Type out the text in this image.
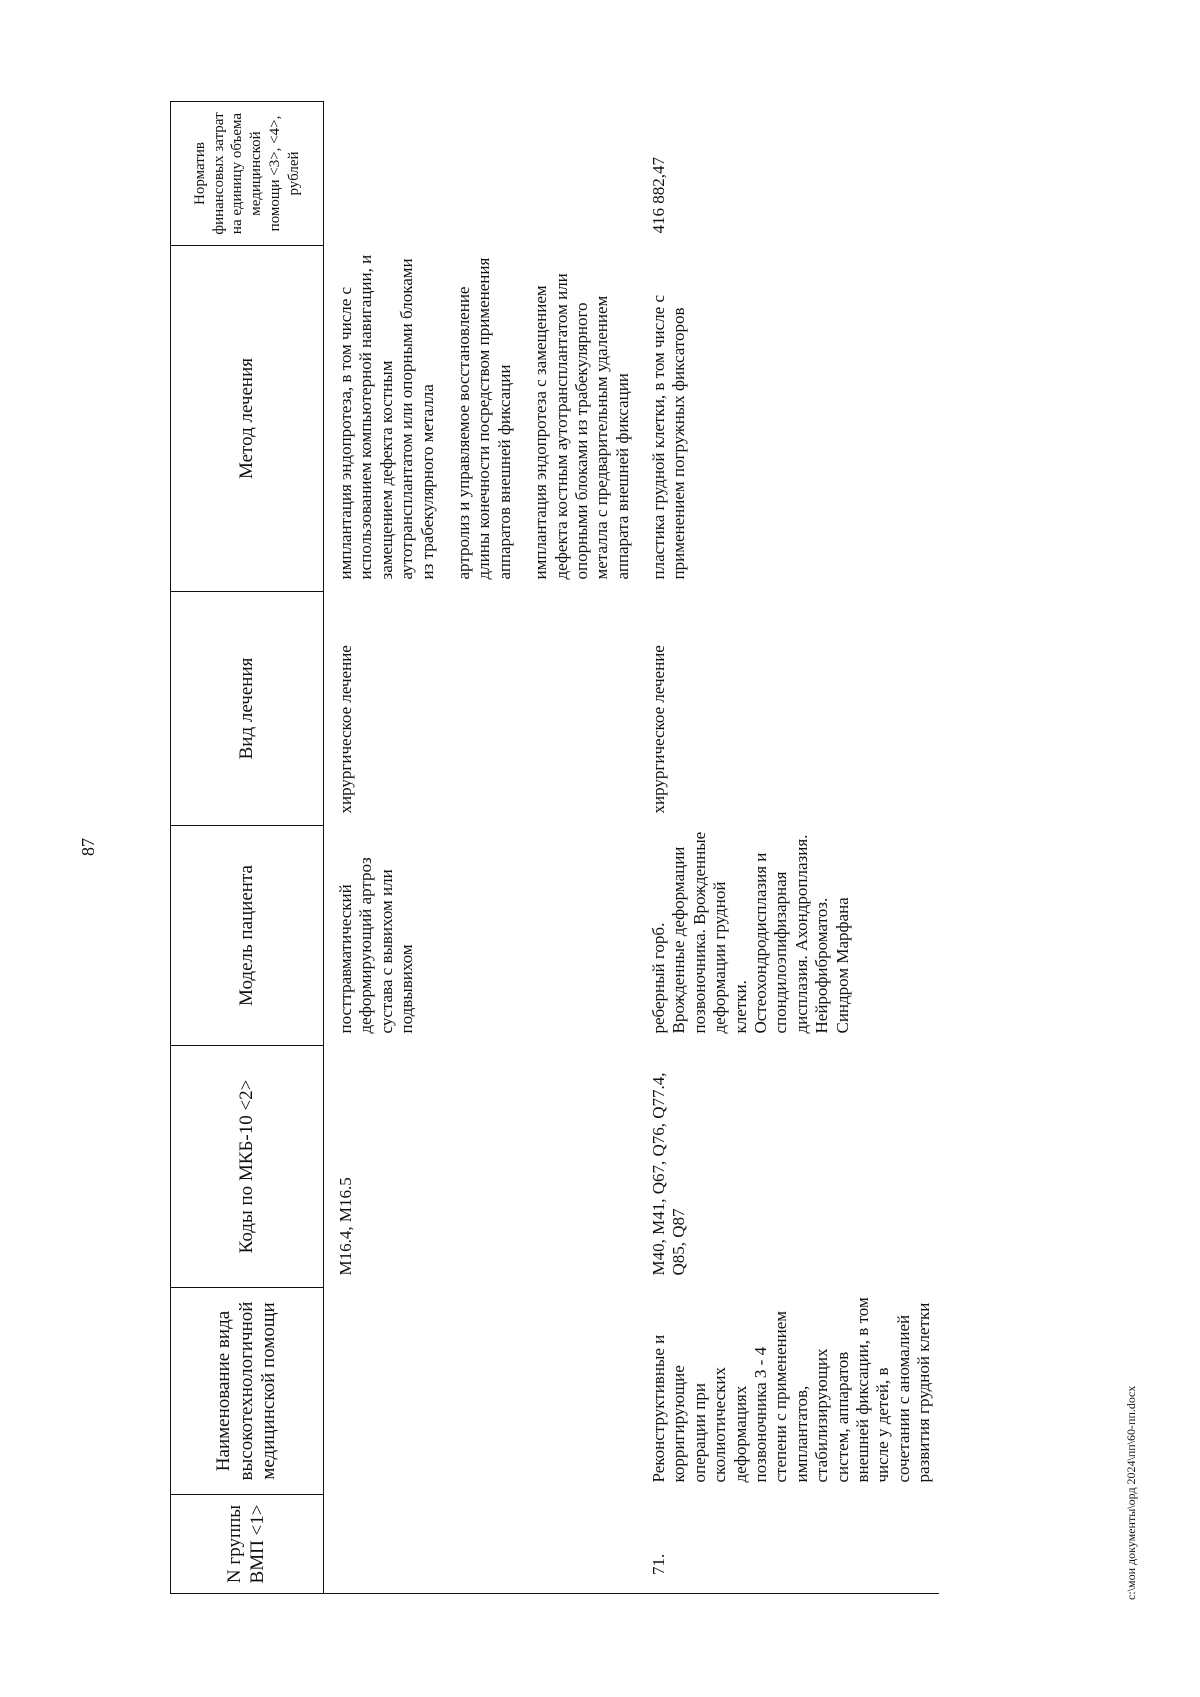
87
N группы ВМП <1>	Наименование вида высокотехнологичной медицинской помощи	Коды по МКБ-10 <2>	Модель пациента	Вид лечения	Метод лечения	Норматив финансовых затрат на единицу объема медицинской помощи <3>, <4>, рублей
		M16.4, M16.5	посттравматический деформирующий артроз сустава с вывихом или подвывихом	хирургическое лечение	имплантация эндопротеза, в том числе с использованием компьютерной навигации, и замещением дефекта костным аутотрансплантатом или опорными блоками из трабекулярного металла артролиз и управляемое восстановление длины конечности посредством применения аппаратов внешней фиксации имплантация эндопротеза с замещением дефекта костным аутотрансплантатом или опорными блоками из трабекулярного металла с предварительным удалением аппарата внешней фиксации	

71.	Реконструктивные и корригирующие операции при сколиотических деформациях позвоночника 3 - 4 степени с применением имплантатов, стабилизирующих систем, аппаратов внешней фиксации, в том числе у детей, в сочетании с аномалией развития грудной клетки	M40, M41, Q67, Q76, Q77.4, Q85, Q87	реберный горб. Врожденные деформации позвоночника. Врожденные деформации грудной клетки. Остеохондродисплазия и спондилоэпифизарная дисплазия. Ахондроплазия. Нейрофиброматоз. Синдром Марфана	хирургическое лечение	пластика грудной клетки, в том числе с применением погружных фиксаторов	416 882,47
c:\мои документы\орд 2024\пп\60-пп.docx
